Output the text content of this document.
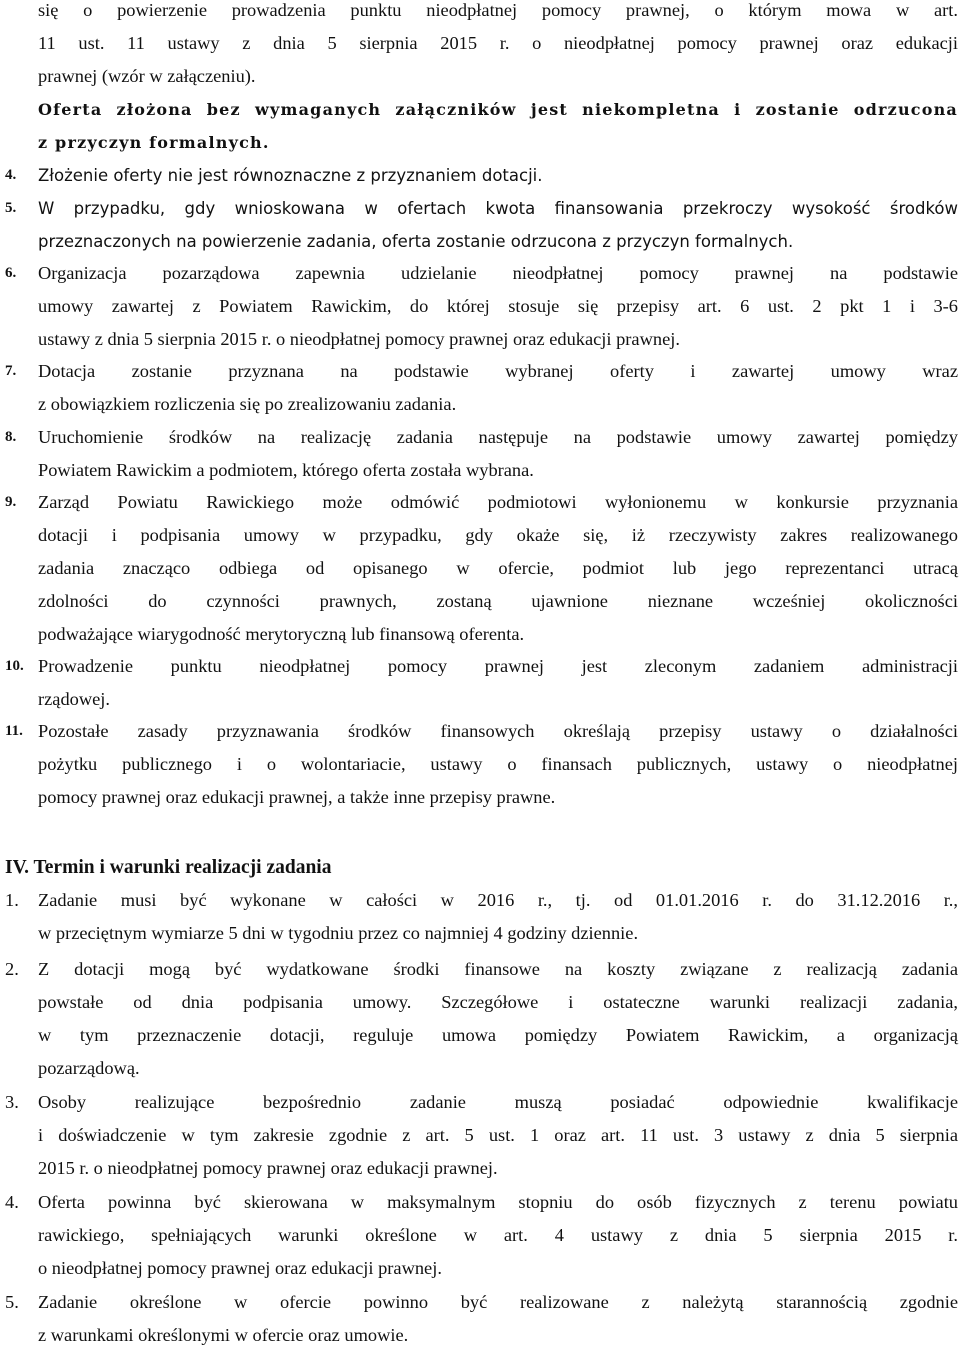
się o powierzenie prowadzenia punktu nieodpłatnej pomocy prawnej, o którym mowa w art.
11 ust. 11 ustawy z dnia 5 sierpnia 2015 r. o nieodpłatnej pomocy prawnej oraz edukacji
prawnej (wzór w załączeniu).
Oferta złożona bez wymaganych załączników jest niekompletna i zostanie odrzucona
z przyczyn formalnych.
4. Złożenie oferty nie jest równoznaczne z przyznaniem dotacji.
5. W przypadku, gdy wnioskowana w ofertach kwota finansowania przekroczy wysokość środków
przeznaczonych na powierzenie zadania, oferta zostanie odrzucona z przyczyn formalnych.
6. Organizacja pozarządowa zapewnia udzielanie nieodpłatnej pomocy prawnej na podstawie
umowy zawartej z Powiatem Rawickim, do której stosuje się przepisy art. 6 ust. 2 pkt 1 i 3-6
ustawy z dnia 5 sierpnia 2015 r. o nieodpłatnej pomocy prawnej oraz edukacji prawnej.
7. Dotacja zostanie przyznana na podstawie wybranej oferty i zawartej umowy wraz
z obowiązkiem rozliczenia się po zrealizowaniu zadania.
8. Uruchomienie środków na realizację zadania następuje na podstawie umowy zawartej pomiędzy
Powiatem Rawickim a podmiotem, którego oferta została wybrana.
9. Zarząd Powiatu Rawickiego może odmówić podmiotowi wyłonionemu w konkursie przyznania
dotacji i podpisania umowy w przypadku, gdy okaże się, iż rzeczywisty zakres realizowanego
zadania znacząco odbiega od opisanego w ofercie, podmiot lub jego reprezentanci utracą
zdolności do czynności prawnych, zostaną ujawnione nieznane wcześniej okoliczności
podważające wiarygodność merytoryczną lub finansową oferenta.
10. Prowadzenie punktu nieodpłatnej pomocy prawnej jest zleconym zadaniem administracji
rządowej.
11. Pozostałe zasady przyznawania środków finansowych określają przepisy ustawy o działalności
pożytku publicznego i o wolontariacie, ustawy o finansach publicznych, ustawy o nieodpłatnej
pomocy prawnej oraz edukacji prawnej, a także inne przepisy prawne.
IV. Termin i warunki realizacji zadania
1. Zadanie musi być wykonane w całości w 2016 r., tj. od 01.01.2016 r. do 31.12.2016 r.,
w przeciętnym wymiarze 5 dni w tygodniu przez co najmniej 4 godziny dziennie.
2. Z dotacji mogą być wydatkowane środki finansowe na koszty związane z realizacją zadania
powstałe od dnia podpisania umowy. Szczegółowe i ostateczne warunki realizacji zadania,
w tym przeznaczenie dotacji, reguluje umowa pomiędzy Powiatem Rawickim, a organizacją
pozarządową.
3. Osoby realizujące bezpośrednio zadanie muszą posiadać odpowiednie kwalifikacje
i doświadczenie w tym zakresie zgodnie z art. 5 ust. 1 oraz art. 11 ust. 3 ustawy z dnia 5 sierpnia
2015 r. o nieodpłatnej pomocy prawnej oraz edukacji prawnej.
4. Oferta powinna być skierowana w maksymalnym stopniu do osób fizycznych z terenu powiatu
rawickiego, spełniających warunki określone w art. 4 ustawy z dnia 5 sierpnia 2015 r.
o nieodpłatnej pomocy prawnej oraz edukacji prawnej.
5. Zadanie określone w ofercie powinno być realizowane z należytą starannością zgodnie
z warunkami określonymi w ofercie oraz umowie.
